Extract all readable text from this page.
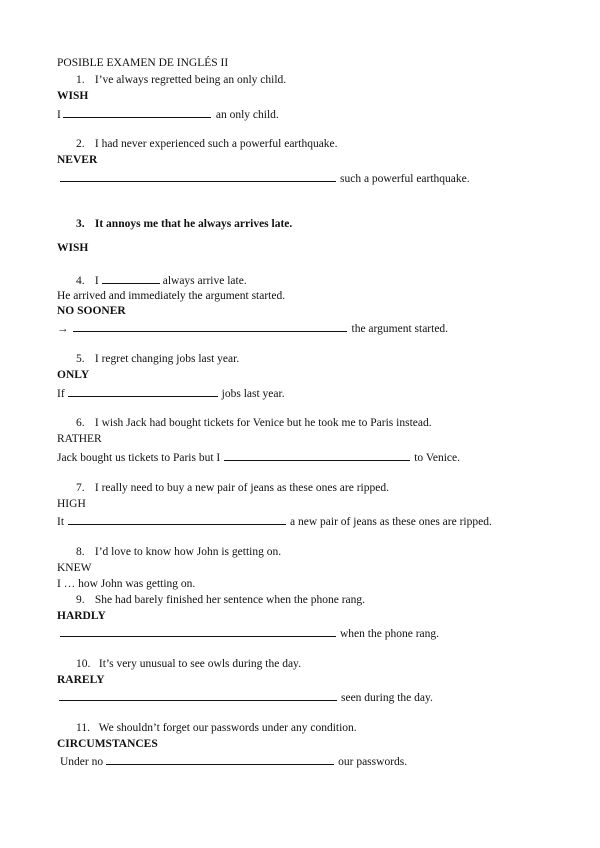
POSIBLE EXAMEN DE INGLÉS II
1. I’ve always regretted being an only child.
WISH
I	an only child.
2. I had never experienced such a powerful earthquake.
NEVER
such a powerful earthquake.
3. It annoys me that he always arrives late.
WISH
4. I	always arrive late.
He arrived and immediately the argument started.
NO SOONER
→	the argument started.
5. I regret changing jobs last year.
ONLY
If	jobs last year.
6. I wish Jack had bought tickets for Venice but he took me to Paris instead.
RATHER
Jack bought us tickets to Paris but I	to Venice.
7. I really need to buy a new pair of jeans as these ones are ripped.
HIGH
It	a new pair of jeans as these ones are ripped.
8. I’d love to know how John is getting on.
KNEW
I … how John was getting on.
9. She had barely finished her sentence when the phone rang.
HARDLY
when the phone rang.
10. It’s very unusual to see owls during the day.
RARELY
seen during the day.
11. We shouldn’t forget our passwords under any condition.
CIRCUMSTANCES
Under no	our passwords.
